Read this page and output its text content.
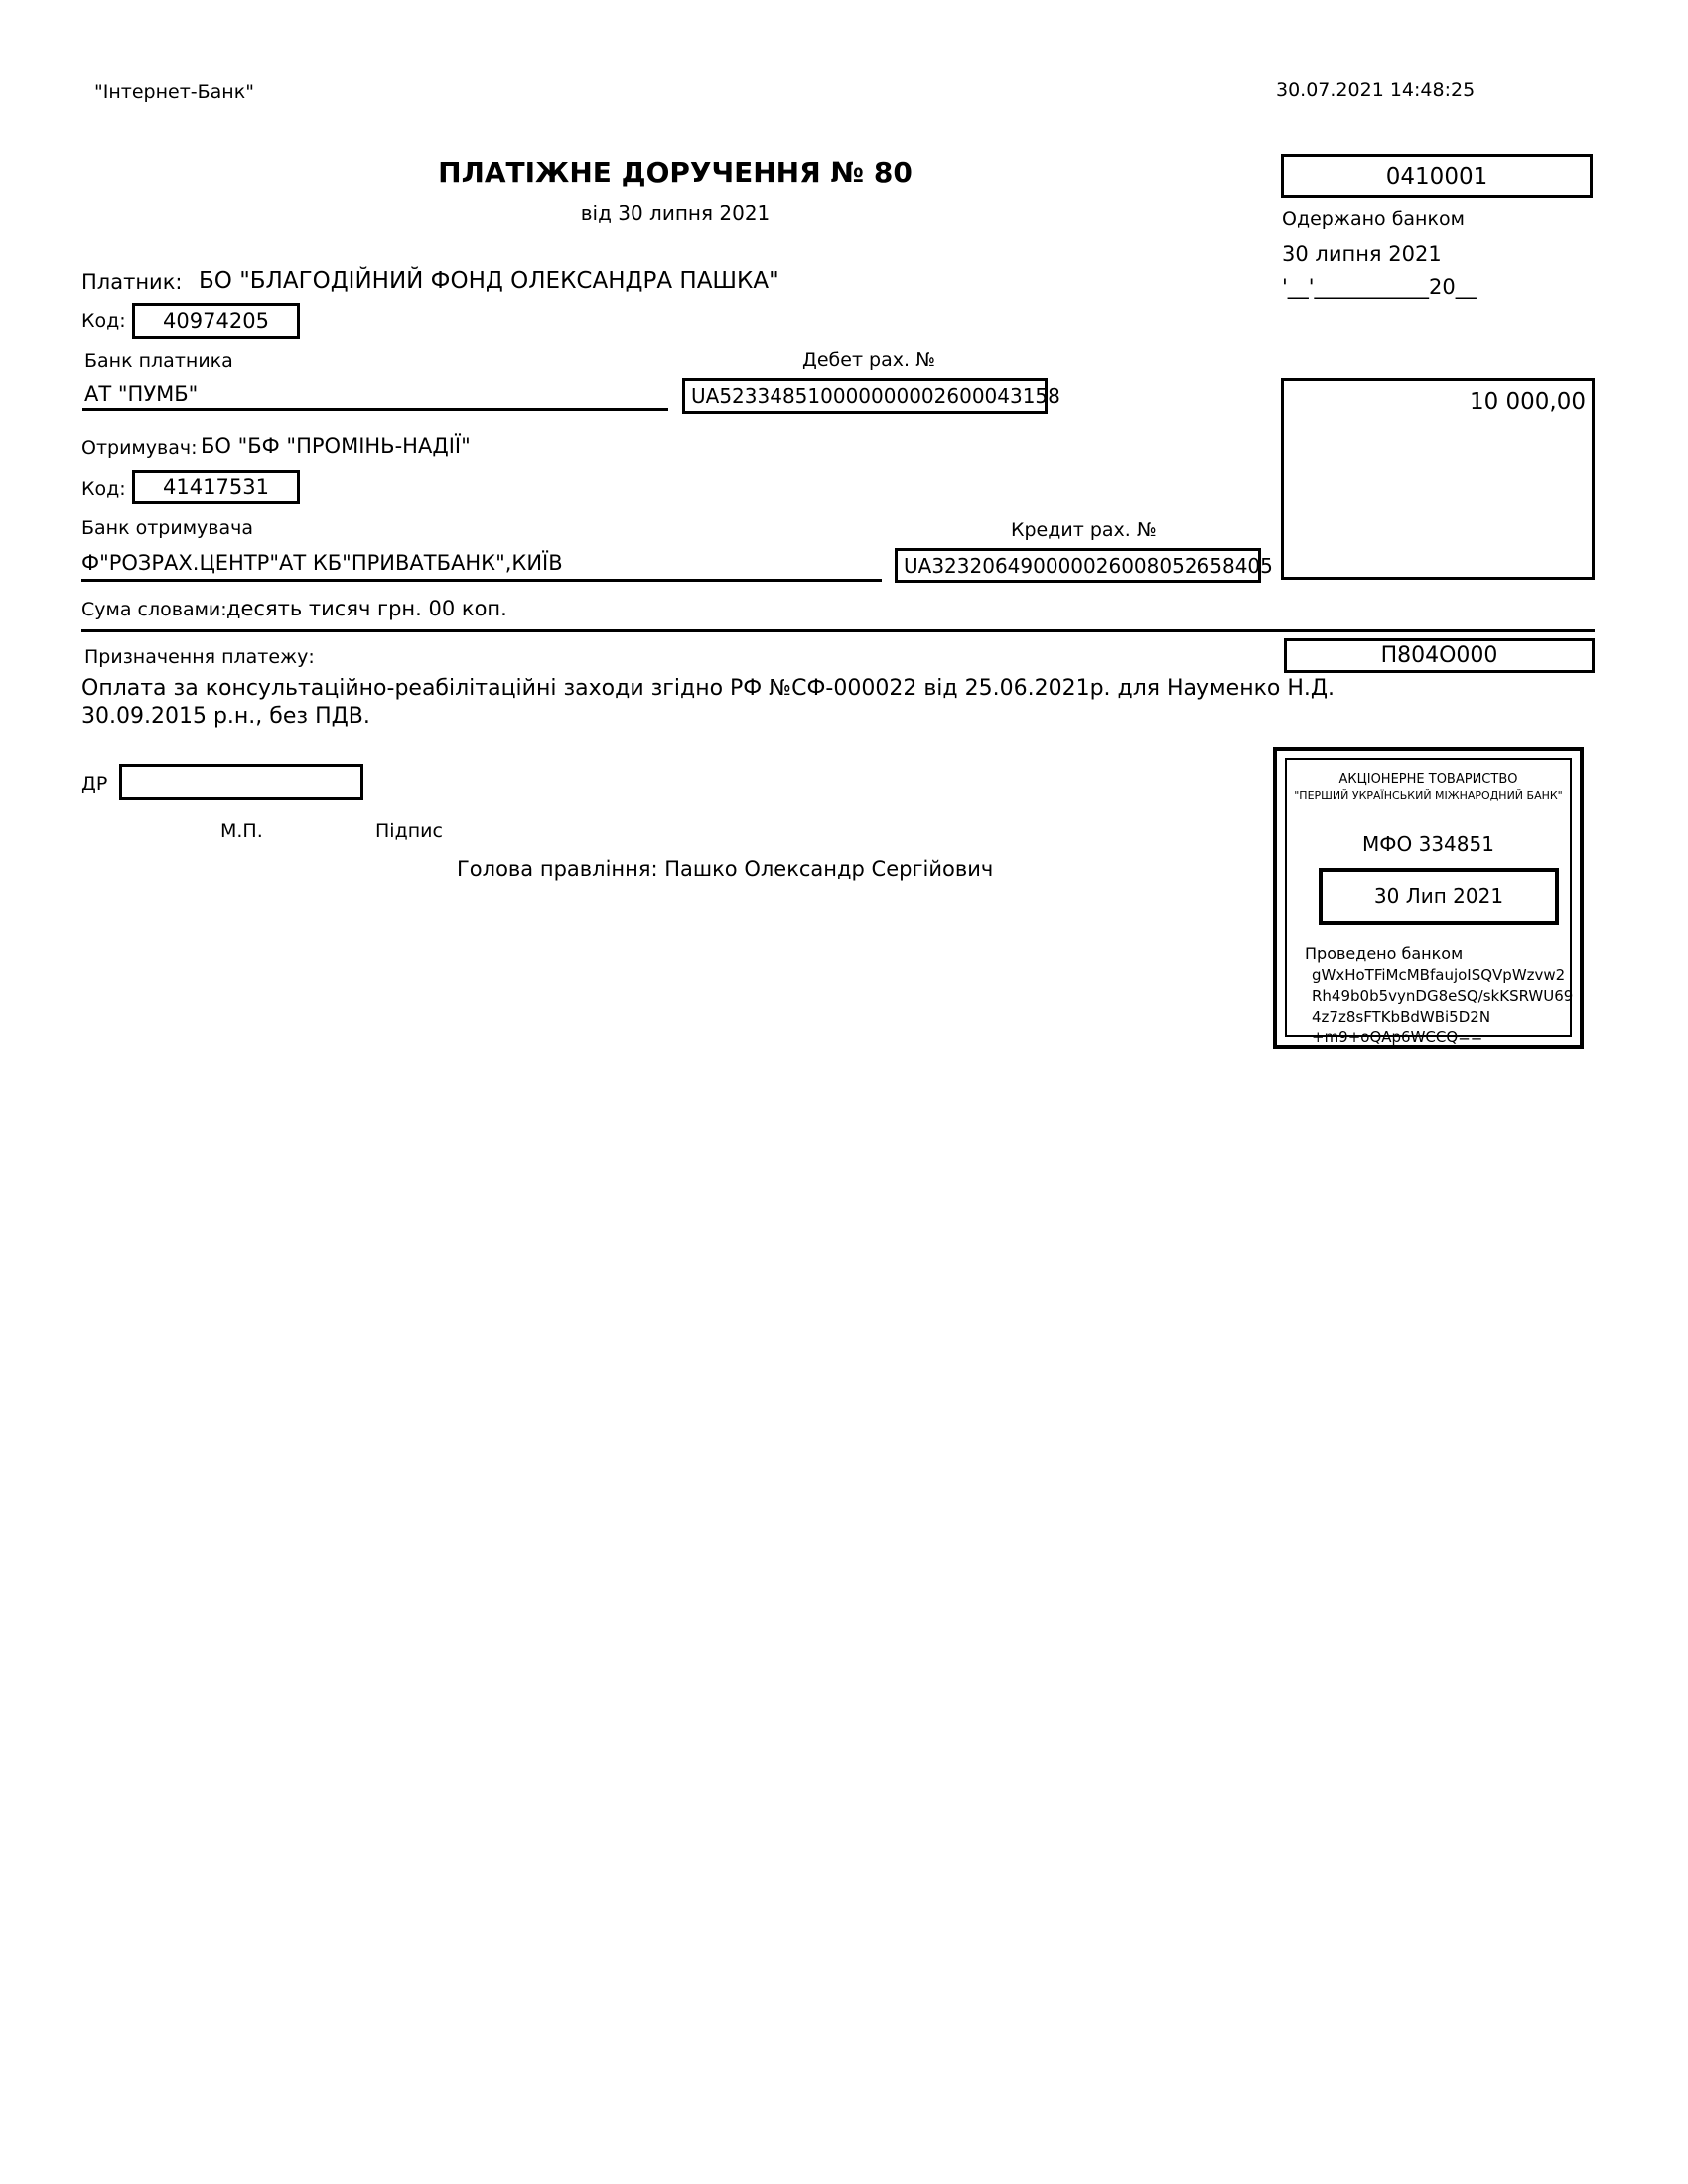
"Інтернет-Банк"	30.07.2021 14:48:25
ПЛАТІЖНЕ ДОРУЧЕННЯ № 80
від 30 липня 2021
0410001
Одержано банком
30 липня 2021
'__'___________20__
Платник: БО "БЛАГОДІЙНИЙ ФОНД ОЛЕКСАНДРА ПАШКА"
Код:	40974205
Банк платника	Дебет рах. №
АТ "ПУМБ"	UA523348510000000002600043158	10 000,00
Отримувач: БО "БФ "ПРОМІНЬ-НАДІЇ"
Код:	41417531
Банк отримувача	Кредит рах. №
Ф"РОЗРАХ.ЦЕНТР"АТ КБ"ПРИВАТБАНК",КИЇВ	UA323206490000026008052658405
Сума словами: десять тисяч грн. 00 коп.
Призначення платежу:
Оплата за консультаційно-реабілітаційні заходи згідно РФ №СФ-000022 від 25.06.2021р. для Науменко Н.Д.
30.09.2015 р.н., без ПДВ.
П804О000
ДР
М.П.	Підпис
Голова правління: Пашко Олександр Сергійович
АКЦІОНЕРНЕ ТОВАРИСТВО
"ПЕРШИЙ УКРАЇНСЬКИЙ МІЖНАРОДНИЙ БАНК"
МФО 334851
30 Лип 2021
Проведено банком
gWxHoTFiMcMBfaujoISQVpWzvw2
Rh49b0b5vynDG8eSQ/skKSRWU69
4z7z8sFTKbBdWBi5D2N
+m9+oQAp6WCCQ==
